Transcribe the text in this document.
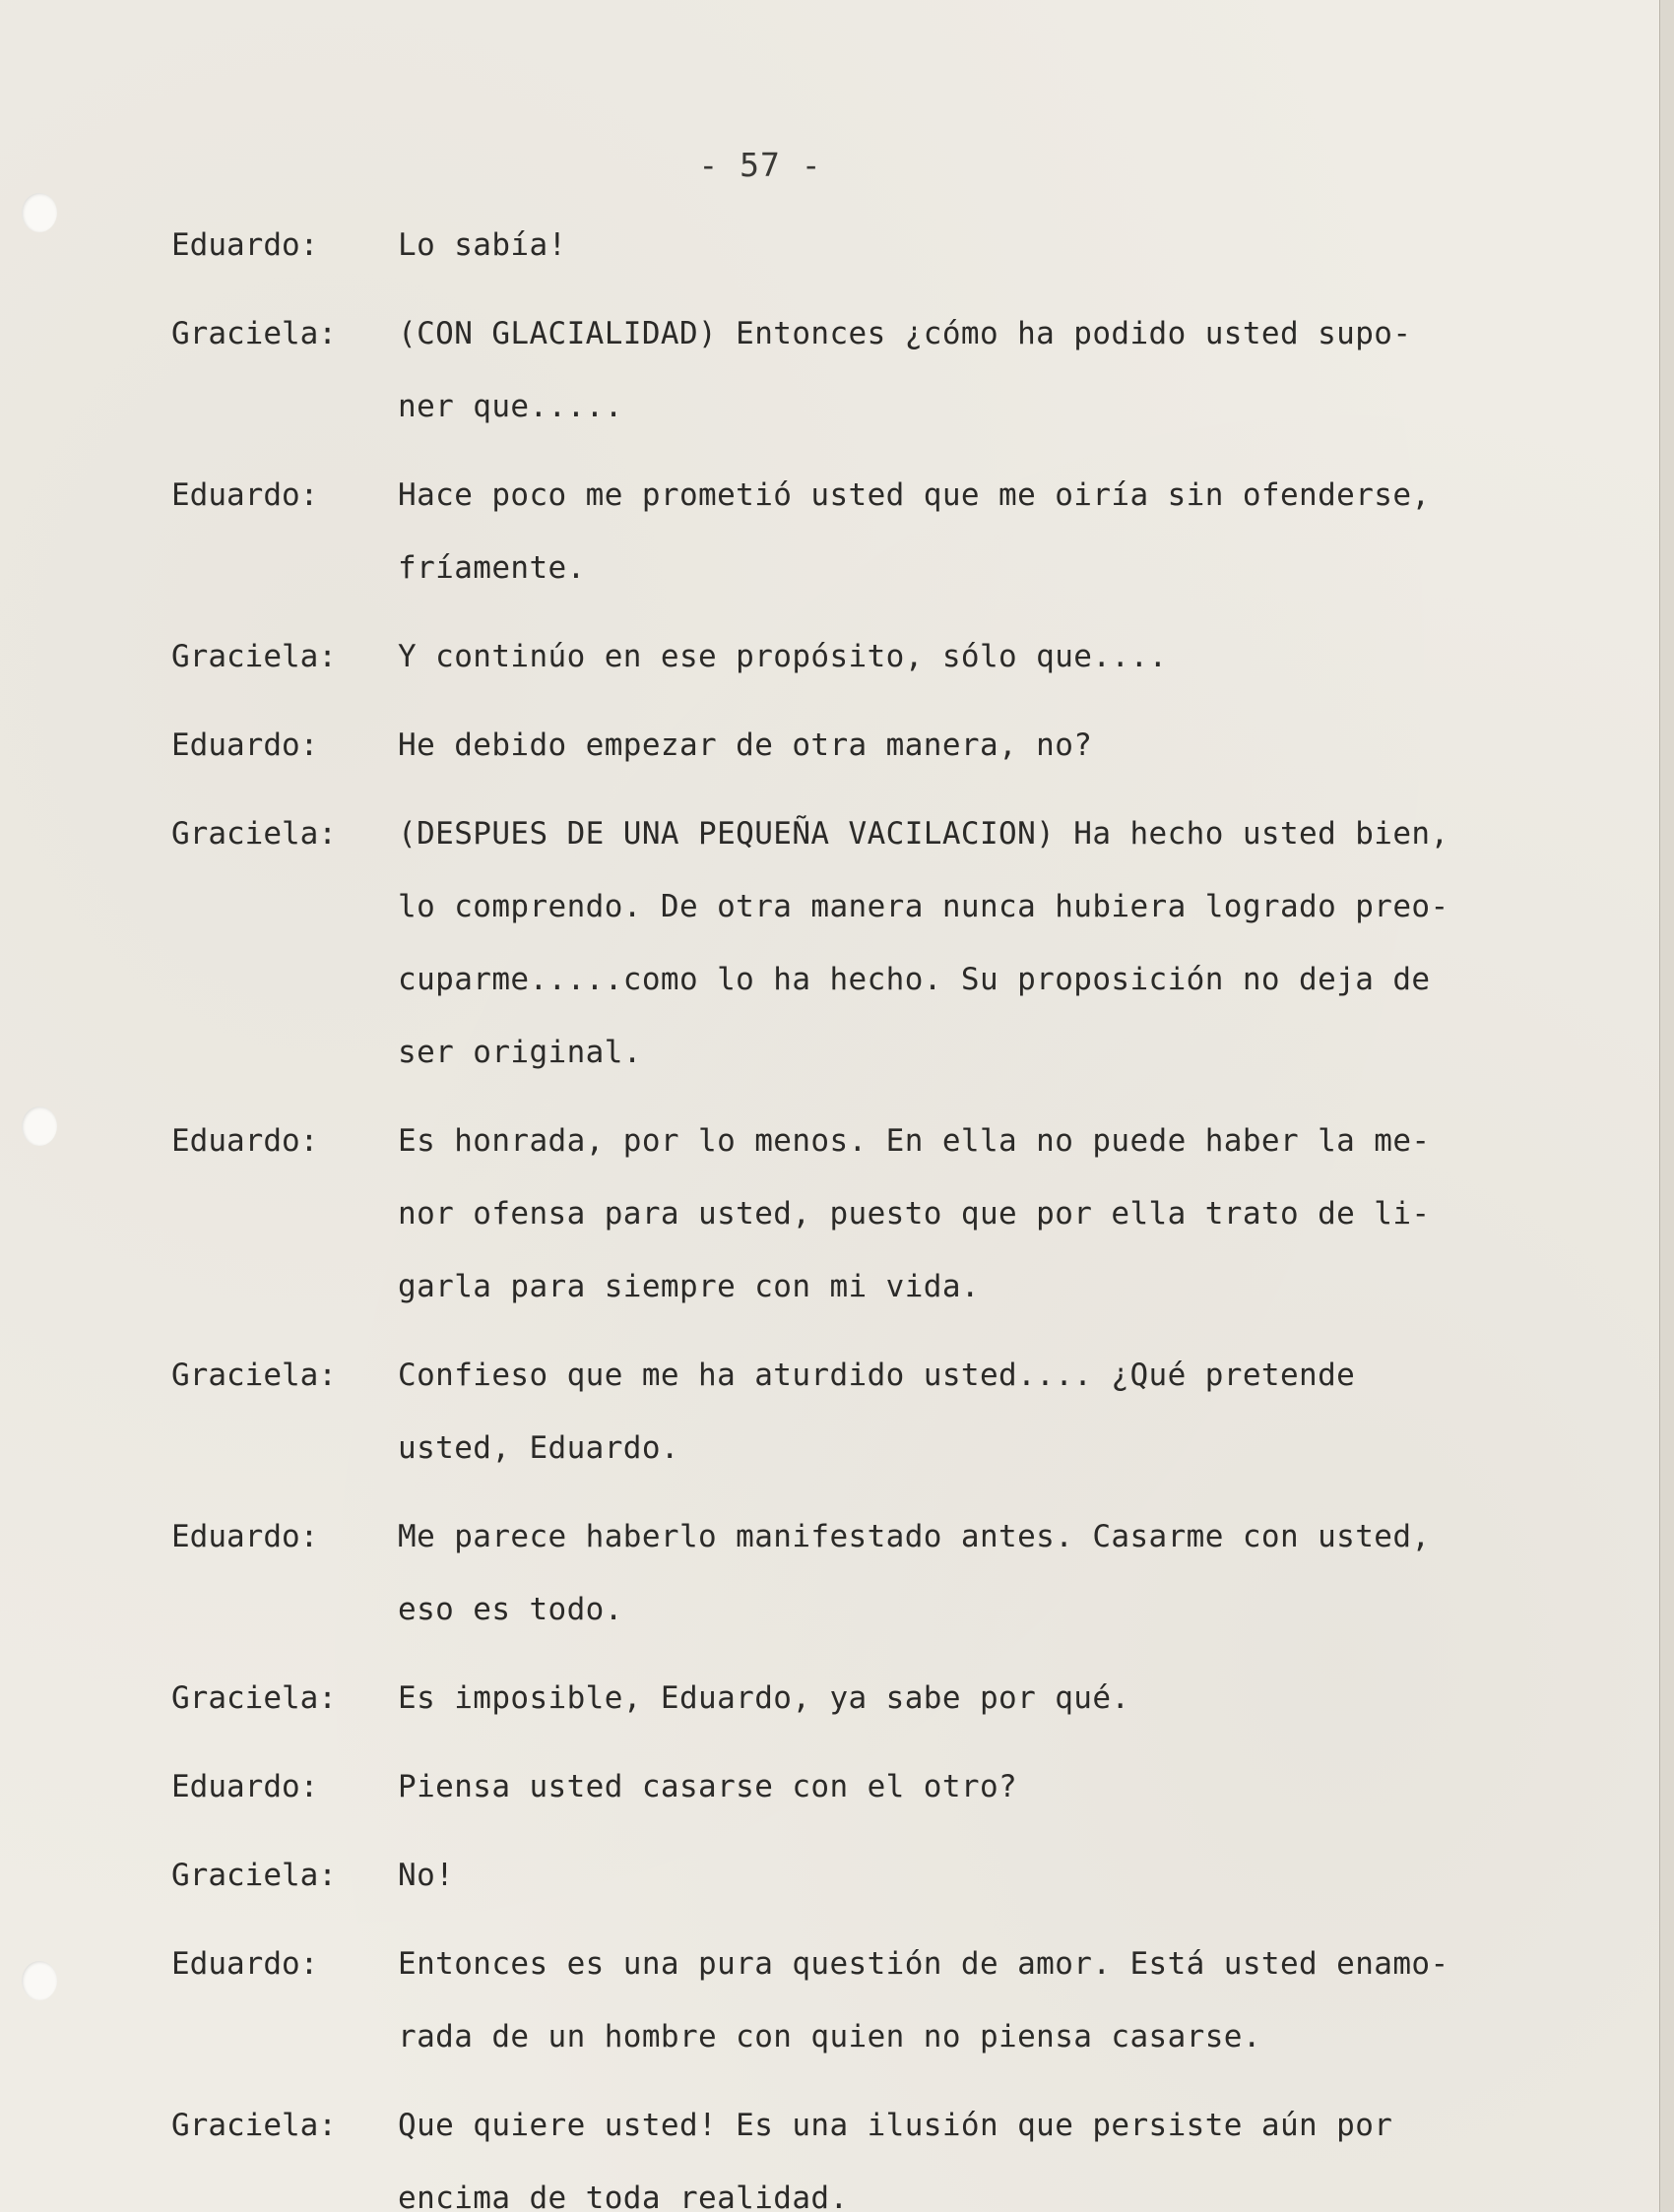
- 57 -
Eduardo:	Lo sabía!
Graciela:	(CON GLACIALIDAD) Entonces ¿cómo ha podido usted supo-
ner que.....
Eduardo:	Hace poco me prometió usted que me oiría sin ofenderse,
fríamente.
Graciela:	Y continúo en ese propósito, sólo que....
Eduardo:	He debido empezar de otra manera, no?
Graciela:	(DESPUES DE UNA PEQUEÑA VACILACION) Ha hecho usted bien,
lo comprendo. De otra manera nunca hubiera logrado preo-
cuparme.....como lo ha hecho. Su proposición no deja de
ser original.
Eduardo:	Es honrada, por lo menos. En ella no puede haber la me-
nor ofensa para usted, puesto que por ella trato de li-
garla para siempre con mi vida.
Graciela:	Confieso que me ha aturdido usted.... ¿Qué pretende
usted, Eduardo.
Eduardo:	Me parece haberlo manifestado antes. Casarme con usted,
eso es todo.
Graciela:	Es imposible, Eduardo, ya sabe por qué.
Eduardo:	Piensa usted casarse con el otro?
Graciela:	No!
Eduardo:	Entonces es una pura questión de amor. Está usted enamo-
rada de un hombre con quien no piensa casarse.
Graciela:	Que quiere usted! Es una ilusión que persiste aún por
encima de toda realidad.
